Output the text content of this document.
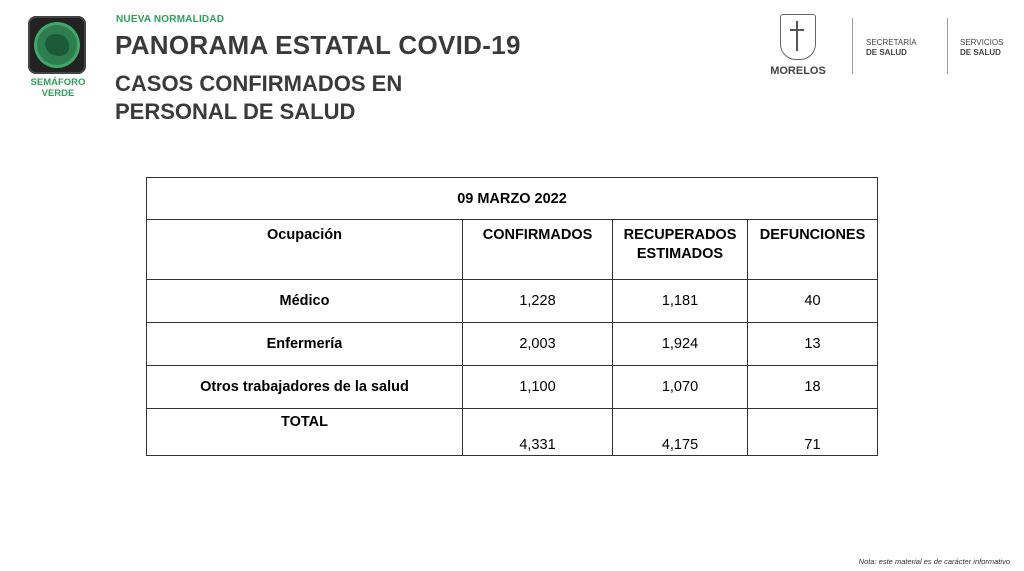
SEMÁFORO VERDE
NUEVA NORMALIDAD
PANORAMA ESTATAL COVID-19
CASOS CONFIRMADOS EN PERSONAL DE SALUD
MORELOS
SECRETARÍA
DE SALUD
SERVICIOS
DE SALUD
09 MARZO 2022			
Ocupación	CONFIRMADOS	RECUPERADOS ESTIMADOS	DEFUNCIONES
Médico	1,228	1,181	40
Enfermería	2,003	1,924	13
Otros trabajadores de la salud	1,100	1,070	18
TOTAL	4,331	4,175	71
Nota: este material es de carácter informativo
